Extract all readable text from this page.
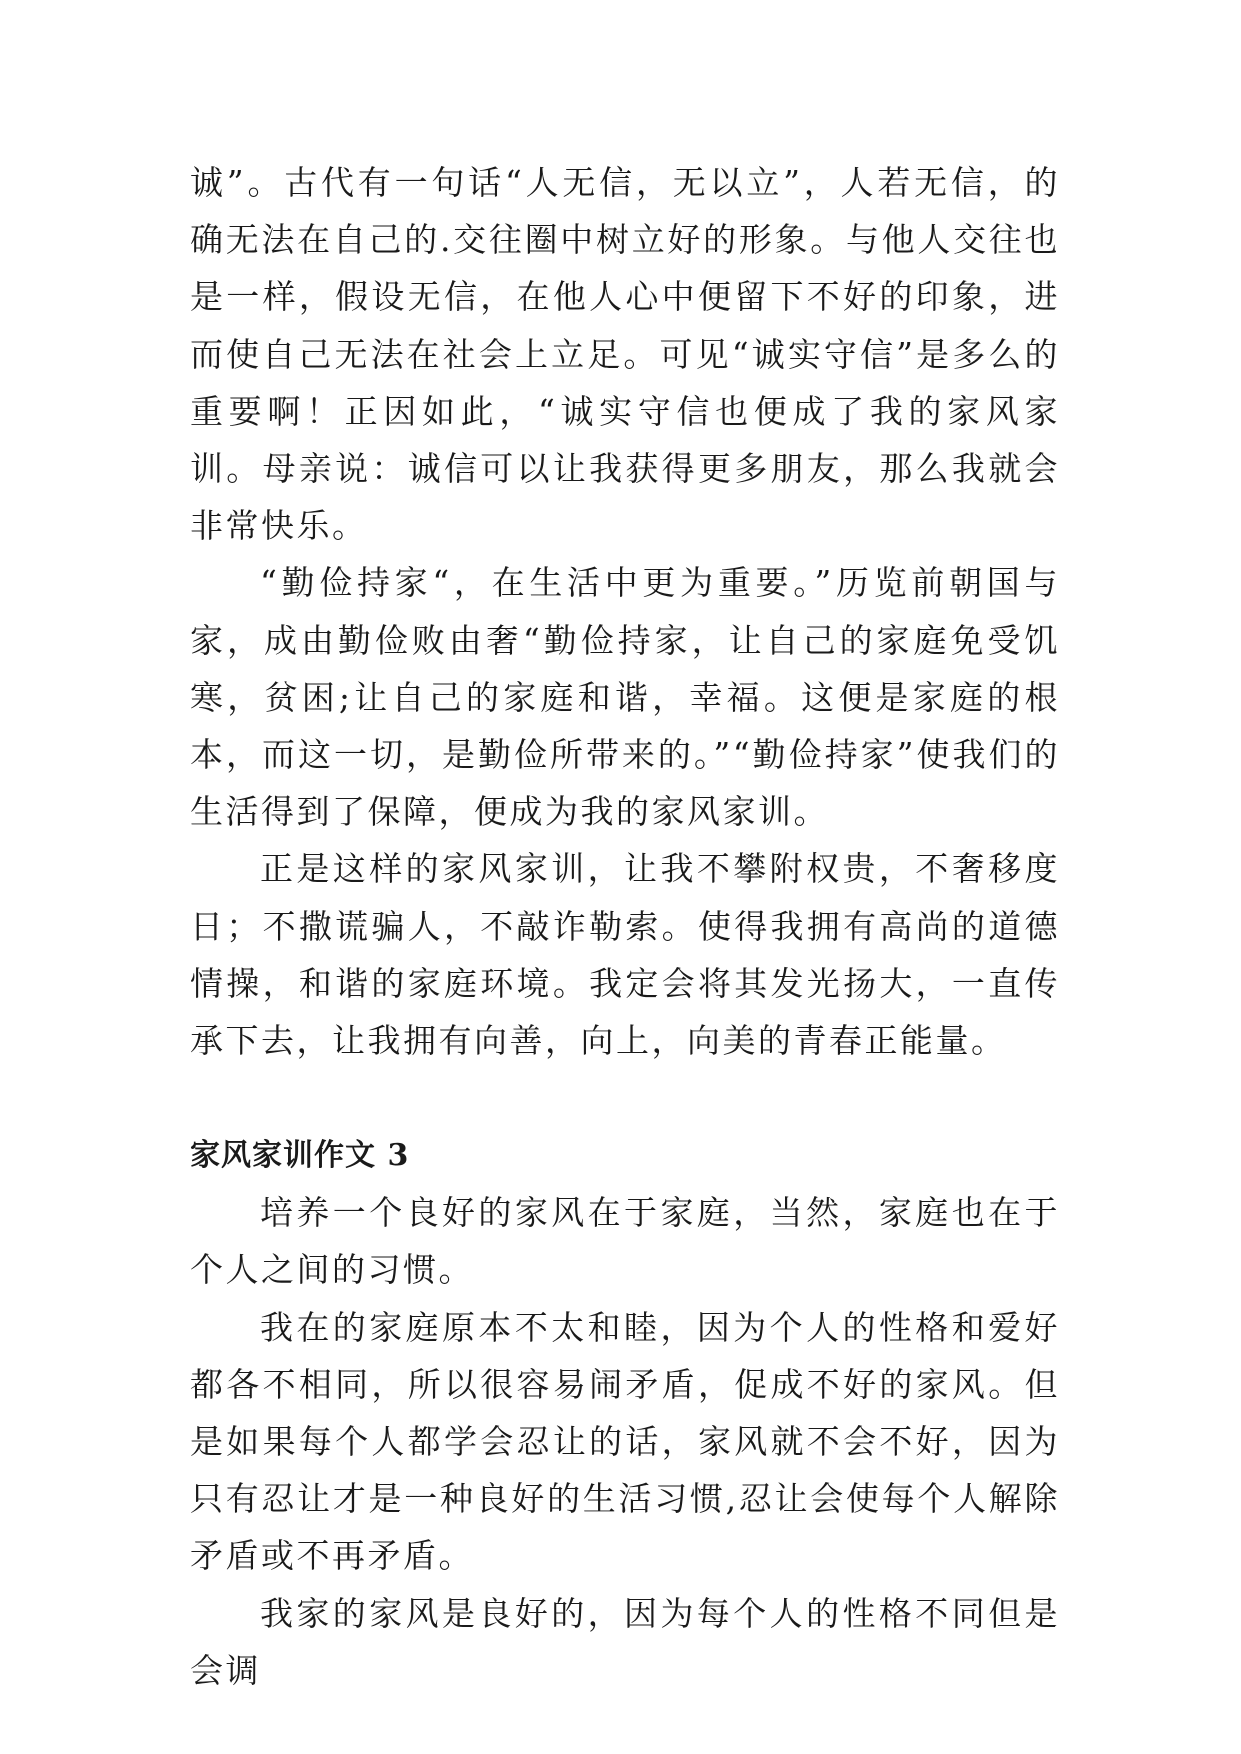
诚”。古代有一句话“人无信，无以立”，人若无信，的确无法在自己的.交往圈中树立好的形象。与他人交往也是一样，假设无信，在他人心中便留下不好的印象，进而使自己无法在社会上立足。可见“诚实守信”是多么的重要啊！正因如此，“诚实守信也便成了我的家风家训。母亲说：诚信可以让我获得更多朋友，那么我就会非常快乐。

“勤俭持家“，在生活中更为重要。”历览前朝国与家，成由勤俭败由奢“勤俭持家，让自己的家庭免受饥寒，贫困;让自己的家庭和谐，幸福。这便是家庭的根本，而这一切，是勤俭所带来的。”“勤俭持家”使我们的生活得到了保障，便成为我的家风家训。

正是这样的家风家训，让我不攀附权贵，不奢移度日；不撒谎骗人，不敲诈勒索。使得我拥有高尚的道德情操，和谐的家庭环境。我定会将其发光扬大，一直传承下去，让我拥有向善，向上，向美的青春正能量。

家风家训作文 3

培养一个良好的家风在于家庭，当然，家庭也在于个人之间的习惯。

我在的家庭原本不太和睦，因为个人的性格和爱好都各不相同，所以很容易闹矛盾，促成不好的家风。但是如果每个人都学会忍让的话，家风就不会不好，因为只有忍让才是一种良好的生活习惯,忍让会使每个人解除矛盾或不再矛盾。

我家的家风是良好的，因为每个人的性格不同但是会调
